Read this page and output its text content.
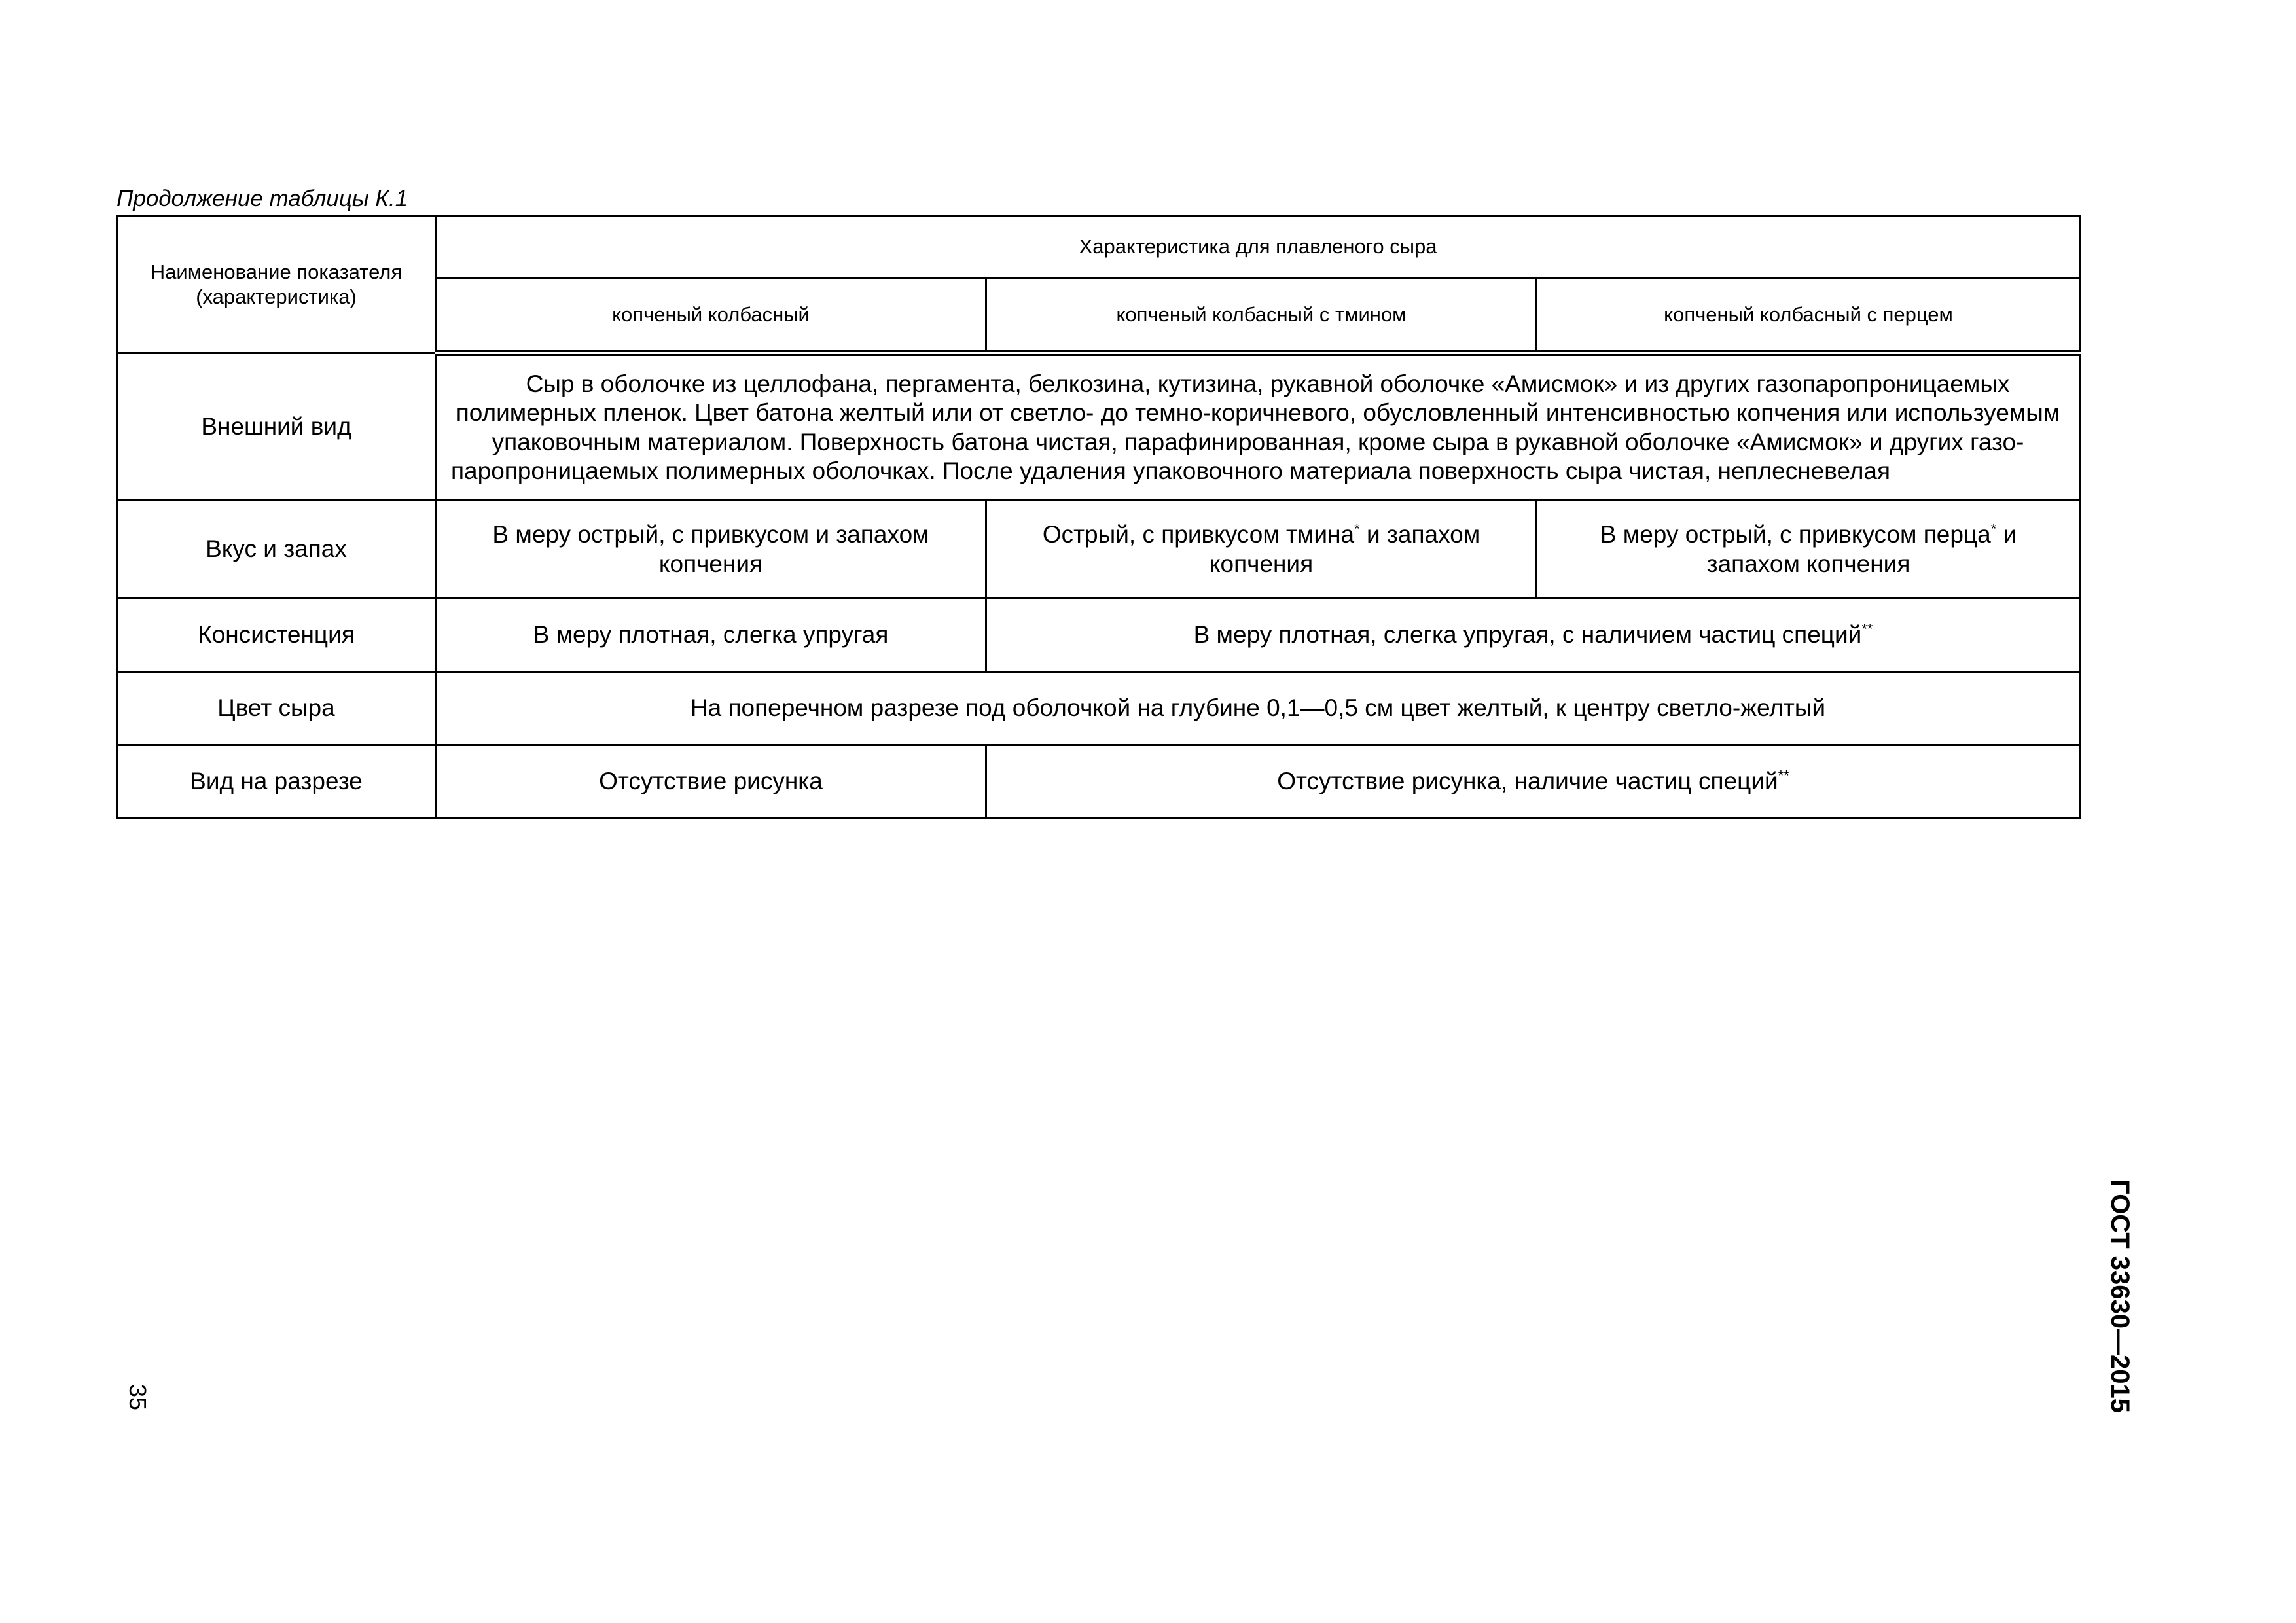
Продолжение таблицы К.1
Наименование показателя (характеристика)	Характеристика для плавленого сыра		
	копченый колбасный	копченый колбасный с тмином	копченый колбасный с перцем
Внешний вид	Сыр в оболочке из целлофана, пергамента, белкозина, кутизина, рукавной оболочке «Амисмок» и из других газопаропроницаемых полимерных пленок. Цвет батона желтый или от светло- до темно-коричневого, обусловленный интенсивностью копчения или используемым упаковочным материалом. Поверхность батона чистая, парафинированная, кроме сыра в рукавной оболочке «Амисмок» и других газо-паропроницаемых полимерных оболочках. После удаления упаковочного материала поверхность сыра чистая, неплесневелая		

Вкус и запах	В меру острый, с привкусом и запахом копчения	Острый, с привкусом тмина* и запахом копчения	В меру острый, с привкусом перца* и запахом копчения
Консистенция	В меру плотная, слегка упругая	В меру плотная, слегка упругая, с наличием частиц специй**
Цвет сыра	На поперечном разрезе под оболочкой на глубине 0,1—0,5 см цвет желтый, к центру светло-желтый		
Вид на разрезе	Отсутствие рисунка	Отсутствие рисунка, наличие частиц специй**
ГОСТ 33630—2015
35
